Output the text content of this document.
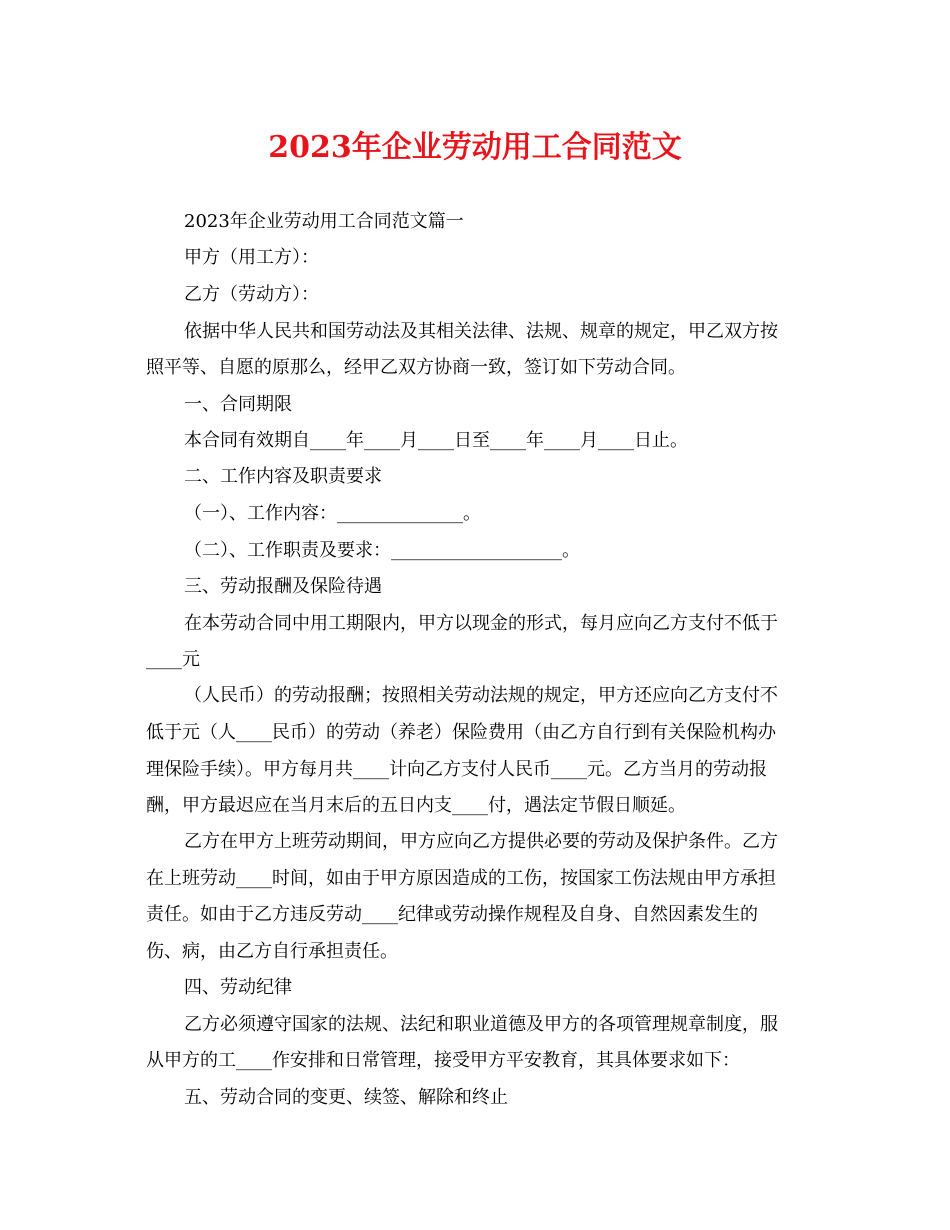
2023年企业劳动用工合同范文
2023年企业劳动用工合同范文篇一
甲方（用工方）：
乙方（劳动方）：
依据中华人民共和国劳动法及其相关法律、法规、规章的规定，甲乙双方按
照平等、自愿的原那么，经甲乙双方协商一致，签订如下劳动合同。
一、合同期限
本合同有效期自____年____月____日至____年____月____日止。
二、工作内容及职责要求
（一）、工作内容：______________。
（二）、工作职责及要求：___________________。
三、劳动报酬及保险待遇
在本劳动合同中用工期限内，甲方以现金的形式，每月应向乙方支付不低于
____元
（人民币）的劳动报酬；按照相关劳动法规的规定，甲方还应向乙方支付不
低于元（人____民币）的劳动（养老）保险费用（由乙方自行到有关保险机构办
理保险手续）。甲方每月共____计向乙方支付人民币____元。乙方当月的劳动报
酬，甲方最迟应在当月末后的五日内支____付，遇法定节假日顺延。
乙方在甲方上班劳动期间，甲方应向乙方提供必要的劳动及保护条件。乙方
在上班劳动____时间，如由于甲方原因造成的工伤，按国家工伤法规由甲方承担
责任。如由于乙方违反劳动____纪律或劳动操作规程及自身、自然因素发生的
伤、病，由乙方自行承担责任。
四、劳动纪律
乙方必须遵守国家的法规、法纪和职业道德及甲方的各项管理规章制度，服
从甲方的工____作安排和日常管理，接受甲方平安教育，其具体要求如下：
五、劳动合同的变更、续签、解除和终止
